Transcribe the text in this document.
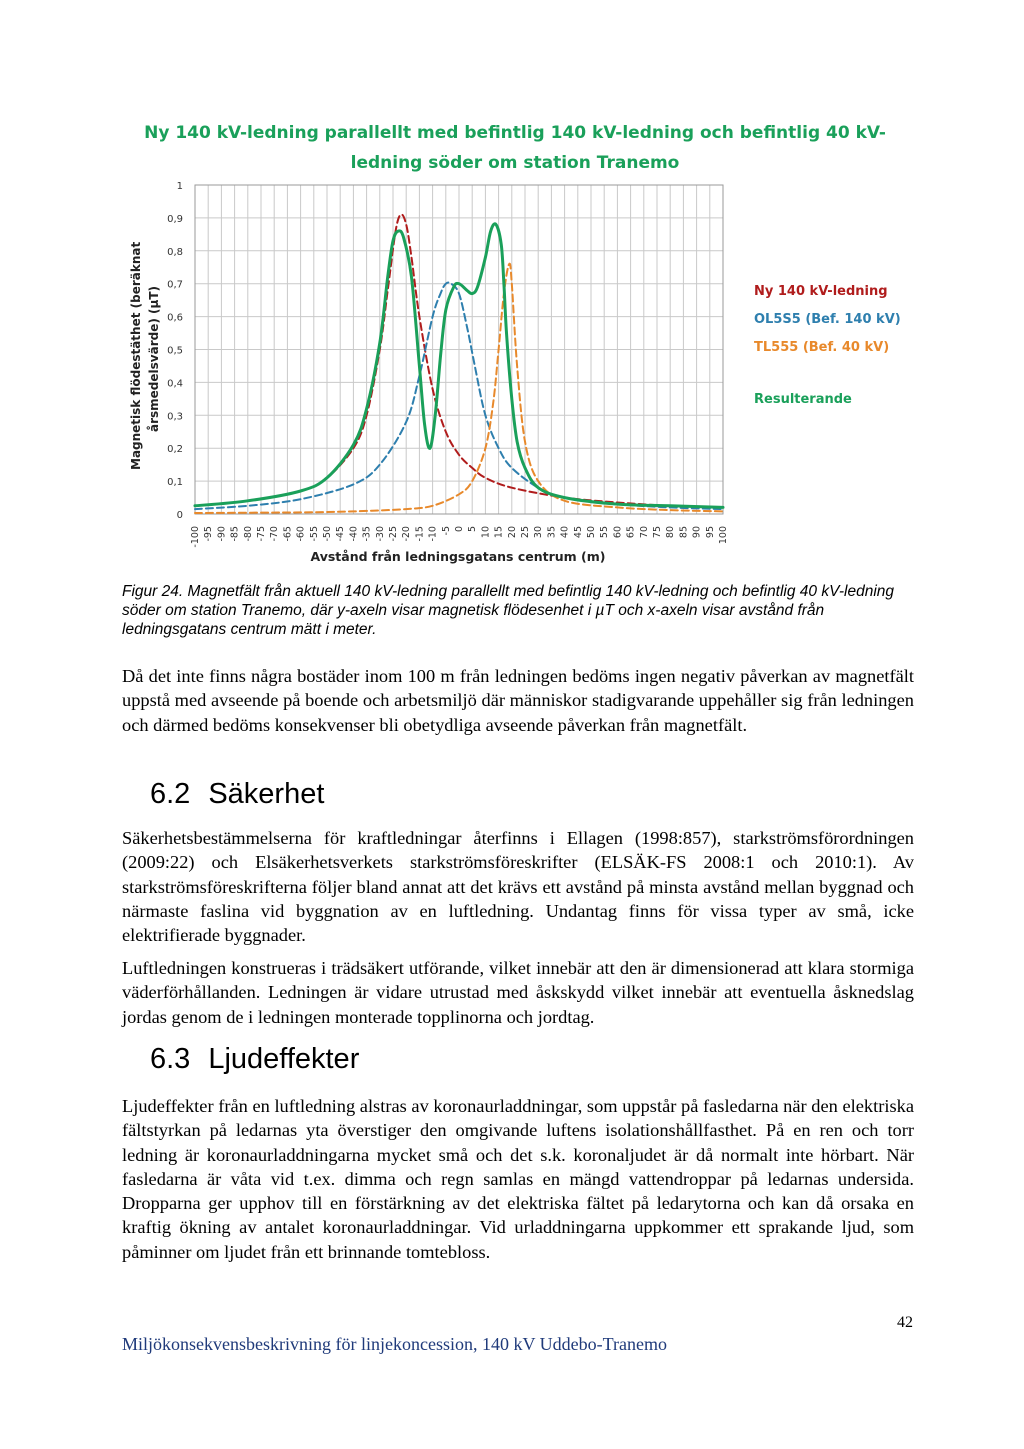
Ny 140 kV-ledning parallellt med befintlig 140 kV-ledning och befintlig 40 kV-ledning söder om station Tranemo
Magnetisk flödestäthet (beräknat årsmedelsvärde) (µT)
0
0,1
0,2
0,3
0,4
0,5
0,6
0,7
0,8
0,9
1
-100 -95 -90 -85 -80 -75 -70 -65 -60 -55 -50 -45 -40 -35 -30 -25 -20 -15 -10 -5 0 5 10 15 20 25 30 35 40 45 50 55 60 65 70 75 80 85 90 95 100
Avstånd från ledningsgatans centrum (m)
Ny 140 kV-ledning
OL5S5 (Bef. 140 kV)
TL555 (Bef. 40 kV)
Resulterande
Figur 24. Magnetfält från aktuell 140 kV-ledning parallellt med befintlig 140 kV-ledning och befintlig 40 kV-ledning söder om station Tranemo, där y-axeln visar magnetisk flödesenhet i µT och x-axeln visar avstånd från ledningsgatans centrum mätt i meter.
Då det inte finns några bostäder inom 100 m från ledningen bedöms ingen negativ påverkan av magnetfält uppstå med avseende på boende och arbetsmiljö där människor stadigvarande uppehåller sig från ledningen och därmed bedöms konsekvenser bli obetydliga avseende påverkan från magnetfält.
6.2 Säkerhet
Säkerhetsbestämmelserna för kraftledningar återfinns i Ellagen (1998:857), starkströmsförordningen (2009:22) och Elsäkerhetsverkets starkströmsföreskrifter (ELSÄK-FS 2008:1 och 2010:1). Av starkströmsföreskrifterna följer bland annat att det krävs ett avstånd på minsta avstånd mellan byggnad och närmaste faslina vid byggnation av en luftledning. Undantag finns för vissa typer av små, icke elektrifierade byggnader.
Luftledningen konstrueras i trädsäkert utförande, vilket innebär att den är dimensionerad att klara stormiga väderförhållanden. Ledningen är vidare utrustad med åskskydd vilket innebär att eventuella åsknedslag jordas genom de i ledningen monterade topplinorna och jordtag.
6.3 Ljudeffekter
Ljudeffekter från en luftledning alstras av koronaurladdningar, som uppstår på fasledarna när den elektriska fältstyrkan på ledarnas yta överstiger den omgivande luftens isolationshållfasthet. På en ren och torr ledning är koronaurladdningarna mycket små och det s.k. koronaljudet är då normalt inte hörbart. När fasledarna är våta vid t.ex. dimma och regn samlas en mängd vattendroppar på ledarnas undersida. Dropparna ger upphov till en förstärkning av det elektriska fältet på ledarytorna och kan då orsaka en kraftig ökning av antalet koronaurladdningar. Vid urladdningarna uppkommer ett sprakande ljud, som påminner om ljudet från ett brinnande tomtebloss.
42
Miljökonsekvensbeskrivning för linjekoncession, 140 kV Uddebo-Tranemo
